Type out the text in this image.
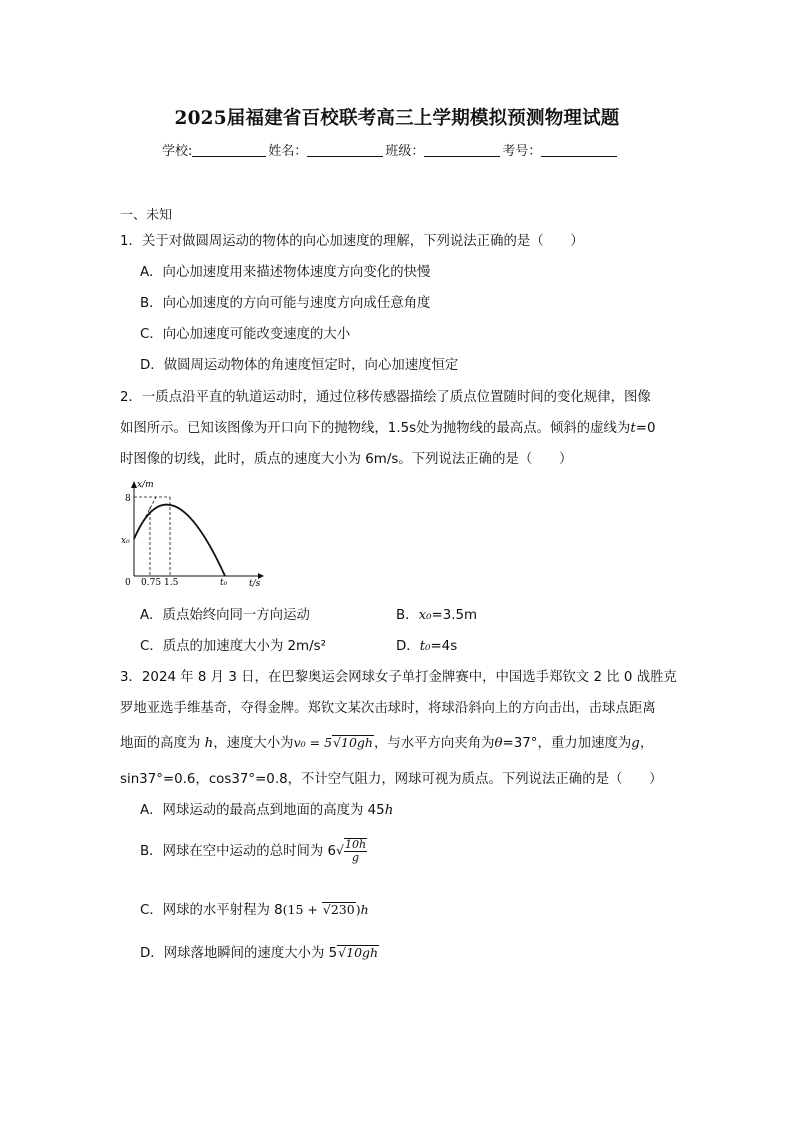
2025届福建省百校联考高三上学期模拟预测物理试题
学校:	姓名：	班级：	考号：
一、未知
1．关于对做圆周运动的物体的向心加速度的理解，下列说法正确的是（　　）
A．向心加速度用来描述物体速度方向变化的快慢
B．向心加速度的方向可能与速度方向成任意角度
C．向心加速度可能改变速度的大小
D．做圆周运动物体的角速度恒定时，向心加速度恒定
2．一质点沿平直的轨道运动时，通过位移传感器描绘了质点位置随时间的变化规律，图像
如图所示。已知该图像为开口向下的抛物线，1.5s处为抛物线的最高点。倾斜的虚线为t=0
时图像的切线，此时，质点的速度大小为 6m/s。下列说法正确的是（　　）
x/m
t/s
8
x₀
0 0.75 1.5	t₀
A．质点始终向同一方向运动	B．x₀=3.5m
C．质点的加速度大小为 2m/s²	D．t₀=4s
3．2024 年 8 月 3 日，在巴黎奥运会网球女子单打金牌赛中，中国选手郑钦文 2 比 0 战胜克
罗地亚选手维基奇，夺得金牌。郑钦文某次击球时，将球沿斜向上的方向击出，击球点距离
地面的高度为 h，速度大小为v₀ = 5√10gh，与水平方向夹角为θ=37°，重力加速度为g，
sin37°=0.6，cos37°=0.8，不计空气阻力，网球可视为质点。下列说法正确的是（　　）
A．网球运动的最高点到地面的高度为 45h
B．网球在空中运动的总时间为 $6√ \frac{10h}{g}$
C．网球的水平射程为 8(15 + √230)h
D．网球落地瞬间的速度大小为 5√10gh
